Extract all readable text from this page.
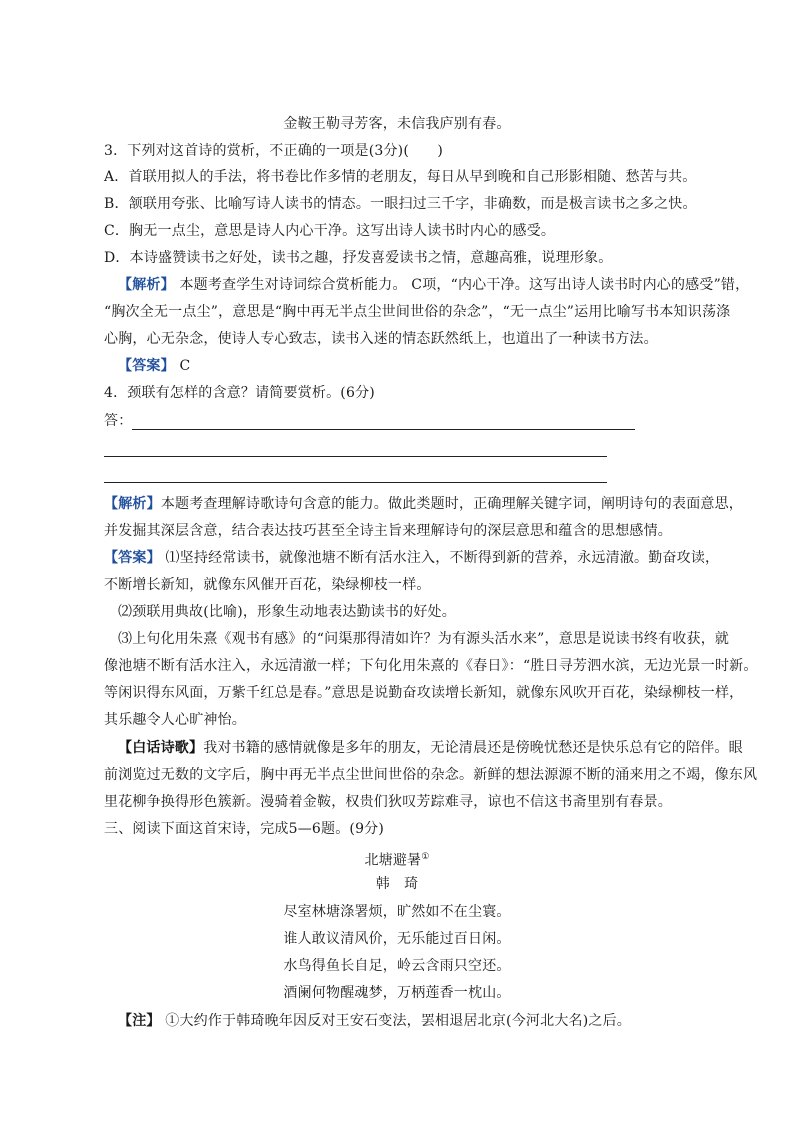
金鞍王勒寻芳客，未信我庐别有春。
3．下列对这首诗的赏析，不正确的一项是(3分)(　　)
A．首联用拟人的手法，将书卷比作多情的老朋友，每日从早到晚和自己形影相随、愁苦与共。
B．颔联用夸张、比喻写诗人读书的情态。一眼扫过三千字，非确数，而是极言读书之多之快。
C．胸无一点尘，意思是诗人内心干净。这写出诗人读书时内心的感受。
D．本诗盛赞读书之好处，读书之趣，抒发喜爱读书之情，意趣高雅，说理形象。
【解析】 本题考查学生对诗词综合赏析能力。 C项，“内心干净。这写出诗人读书时内心的感受”错，
“胸次全无一点尘”，意思是“胸中再无半点尘世间世俗的杂念”，“无一点尘”运用比喻写书本知识荡涤
心胸，心无杂念，使诗人专心致志，读书入迷的情态跃然纸上，也道出了一种读书方法。
【答案】 C
4．颈联有怎样的含意？请简要赏析。(6分)
答：
【解析】本题考查理解诗歌诗句含意的能力。做此类题时，正确理解关键字词，阐明诗句的表面意思，
并发掘其深层含意，结合表达技巧甚至全诗主旨来理解诗句的深层意思和蕴含的思想感情。
【答案】 ⑴坚持经常读书，就像池塘不断有活水注入，不断得到新的营养，永远清澈。勤奋攻读，
不断增长新知，就像东风催开百花，染绿柳枝一样。
⑵颈联用典故(比喻)，形象生动地表达勤读书的好处。
⑶上句化用朱熹《观书有感》的“问渠那得清如许？为有源头活水来”，意思是说读书终有收获，就
像池塘不断有活水注入，永远清澈一样；下句化用朱熹的《春日》：“胜日寻芳泗水滨，无边光景一时新。
等闲识得东风面，万紫千红总是春。”意思是说勤奋攻读增长新知，就像东风吹开百花，染绿柳枝一样，
其乐趣令人心旷神怡。
【白话诗歌】我对书籍的感情就像是多年的朋友，无论清晨还是傍晚忧愁还是快乐总有它的陪伴。眼
前浏览过无数的文字后，胸中再无半点尘世间世俗的杂念。新鲜的想法源源不断的涌来用之不竭，像东风
里花柳争换得形色簇新。漫骑着金鞍，权贵们狄叹芳踪难寻，谅也不信这书斋里别有春景。
三、阅读下面这首宋诗，完成5—6题。(9分)
北塘避暑①
韩　琦
尽室林塘涤署烦，旷然如不在尘寰。
谁人敢议清风价，无乐能过百日闲。
水鸟得鱼长自足，岭云含雨只空还。
酒阑何物醒魂梦，万柄莲香一枕山。
【注】 ①大约作于韩琦晚年因反对王安石变法，罢相退居北京(今河北大名)之后。
